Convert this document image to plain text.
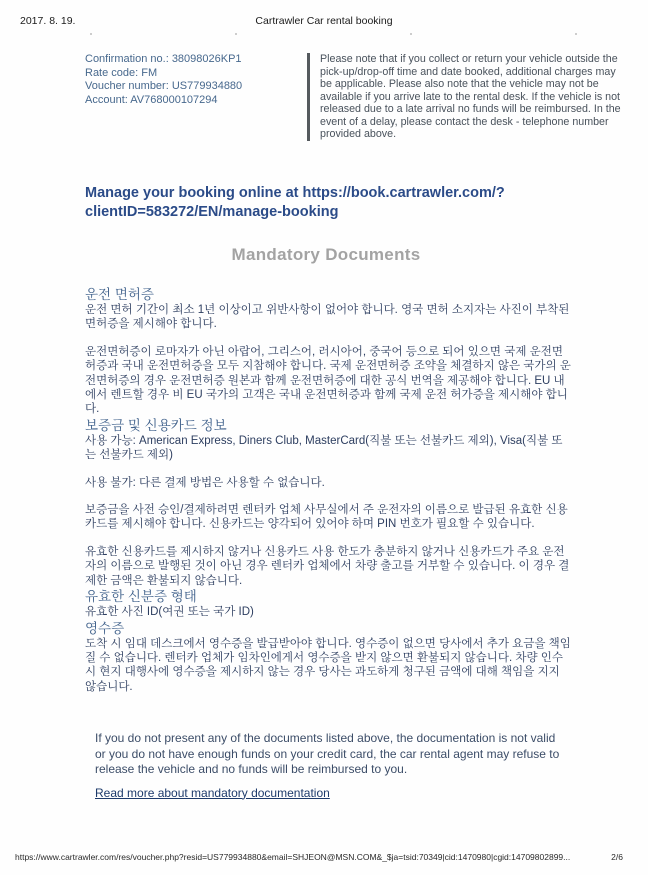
2017. 8. 19.	Cartrawler Car rental booking
Confirmation no.: 38098026KP1
Rate code: FM
Voucher number: US779934880
Account: AV768000107294
Please note that if you collect or return your vehicle outside the pick-up/drop-off time and date booked, additional charges may be applicable. Please also note that the vehicle may not be available if you arrive late to the rental desk. If the vehicle is not released due to a late arrival no funds will be reimbursed. In the event of a delay, please contact the desk - telephone number provided above.
Manage your booking online at https://book.cartrawler.com/?clientID=583272/EN/manage-booking
Mandatory Documents
운전 면허증

운전 면허 기간이 최소 1년 이상이고 위반사항이 없어야 합니다. 영국 면허 소지자는 사진이 부착된 면허증을 제시해야 합니다.

운전면허증이 로마자가 아닌 아랍어, 그리스어, 러시아어, 중국어 등으로 되어 있으면 국제 운전면허증과 국내 운전면허증을 모두 지참해야 합니다. 국제 운전면허증 조약을 체결하지 않은 국가의 운전면허증의 경우 운전면허증 원본과 함께 운전면허증에 대한 공식 번역을 제공해야 합니다. EU 내에서 렌트할 경우 비 EU 국가의 고객은 국내 운전면허증과 함께 국제 운전 허가증을 제시해야 합니다.

보증금 및 신용카드 정보

사용 가능: American Express, Diners Club, MasterCard(직불 또는 선불카드 제외), Visa(직불 또는 선불카드 제외)

사용 불가: 다른 결제 방법은 사용할 수 없습니다.

보증금을 사전 승인/결제하려면 렌터카 업체 사무실에서 주 운전자의 이름으로 발급된 유효한 신용카드를 제시해야 합니다. 신용카드는 양각되어 있어야 하며 PIN 번호가 필요할 수 있습니다.

유효한 신용카드를 제시하지 않거나 신용카드 사용 한도가 충분하지 않거나 신용카드가 주요 운전자의 이름으로 발행된 것이 아닌 경우 렌터카 업체에서 차량 출고를 거부할 수 있습니다. 이 경우 결제한 금액은 환불되지 않습니다.

유효한 신분증 형태

유효한 사진 ID(여권 또는 국가 ID)

영수증

도착 시 임대 데스크에서 영수증을 발급받아야 합니다. 영수증이 없으면 당사에서 추가 요금을 책임질 수 없습니다. 렌터카 업체가 임차인에게서 영수증을 받지 않으면 환불되지 않습니다. 차량 인수 시 현지 대행사에 영수증을 제시하지 않는 경우 당사는 과도하게 청구된 금액에 대해 책임을 지지 않습니다.

If you do not present any of the documents listed above, the documentation is not valid or you do not have enough funds on your credit card, the car rental agent may refuse to release the vehicle and no funds will be reimbursed to you.
Read more about mandatory documentation
https://www.cartrawler.com/res/voucher.php?resid=US779934880&email=SHJEON@MSN.COM&_$ja=tsid:70349|cid:1470980|cgid:14709802899...	2/6
